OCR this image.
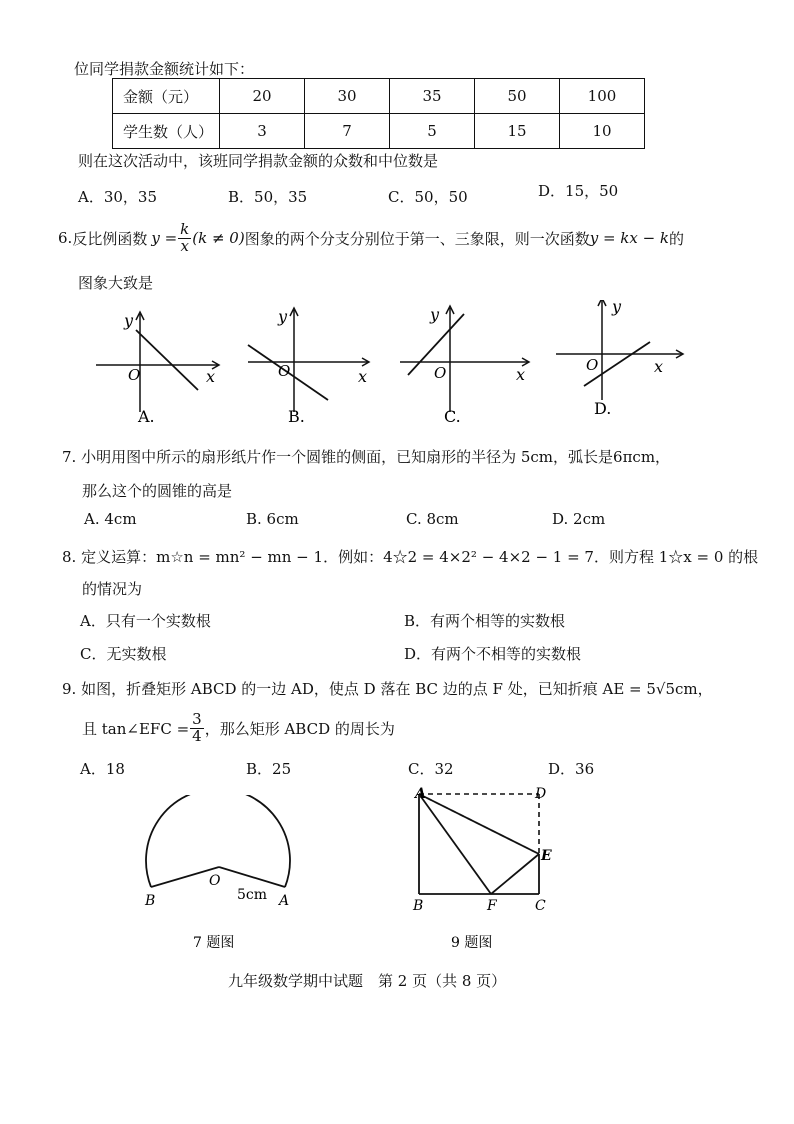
位同学捐款金额统计如下：
金额（元）	20	30	35	50	100
学生数（人）	3	7	5	15	10
则在这次活动中，该班同学捐款金额的众数和中位数是
A．30，35	B．50，35	C．50，50	D．15，50
6. 反比例函数 $y = \frac{k}{x} (k \ne 0)$ 图象的两个分支分别位于第一、三象限，则一次函数 y = kx − k 的
图象大致是
y
x
O
A.
y
x
O
B.
y
x
O
C.
y
x
O
D.
7. 小明用图中所示的扇形纸片作一个圆锥的侧面，已知扇形的半径为 5cm，弧长是6πcm，
那么这个的圆锥的高是
A. 4cm	B. 6cm	C. 8cm	D. 2cm
8. 定义运算：m☆n = mn² − mn − 1．例如：4☆2 = 4×2² − 4×2 − 1 = 7．则方程 1☆x = 0 的根
的情况为
A．只有一个实数根	B．有两个相等的实数根
C．无实数根	D．有两个不相等的实数根
9. 如图，折叠矩形 ABCD 的一边 AD，使点 D 落在 BC 边的点 F 处，已知折痕 AE = 5√5cm，
且 tan∠EFC = $\frac{3}{4}$ ，那么矩形 ABCD 的周长为
A．18	B．25	C．32	D．36
O
5cm
B	A
7 题图
A	D
E
B	F	C
9 题图
九年级数学期中试题　第 2 页（共 8 页）
